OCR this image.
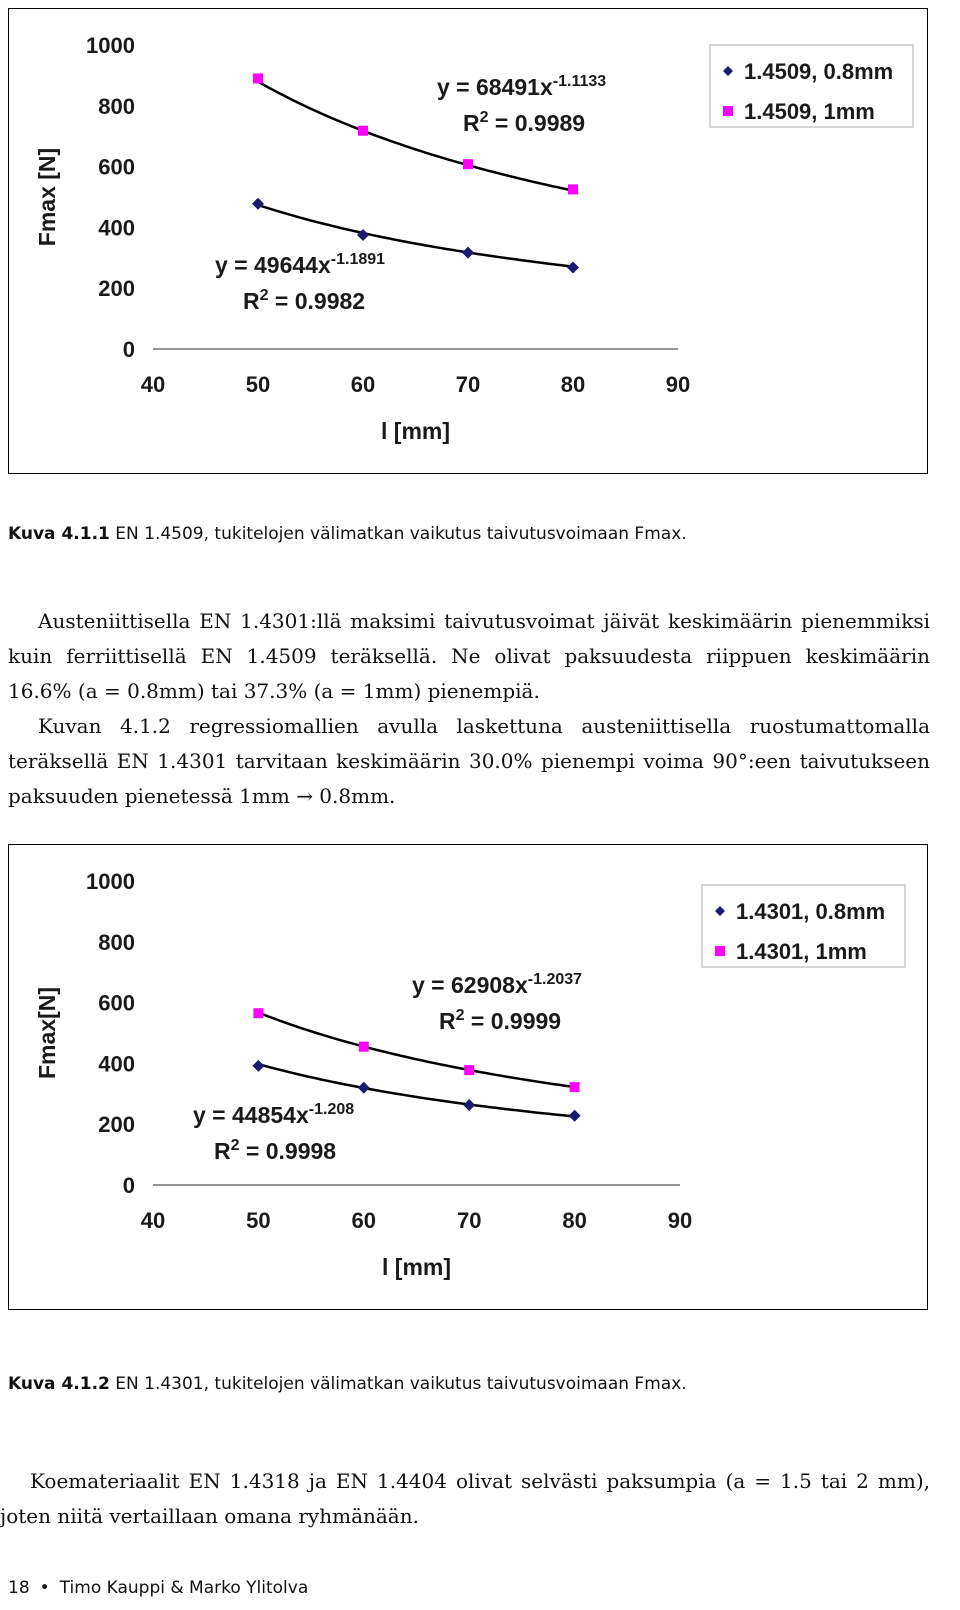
0
200
400
600
800
1000
40	50	60	70	80	90
l [mm]
Fmax [N]
$y = 68491x^{-1.1133}$
$R^2 = 0.9989$
$y = 49644x^{-1.1891}$
$R^2 = 0.9982$
1.4509, 0.8mm
1.4509, 1mm
Kuva 4.1.1 EN 1.4509, tukitelojen välimatkan vaikutus taivutusvoimaan Fmax.

Austeniittisella EN 1.4301:llä maksimi taivutusvoimat jäivät keskimäärin pienemmiksi kuin ferriittisellä EN 1.4509 teräksellä. Ne olivat paksuudesta riippuen keskimäärin 16.6% (a = 0.8mm) tai 37.3% (a = 1mm) pienempiä.

Kuvan 4.1.2 regressiomallien avulla laskettuna austeniittisella ruostumattomalla teräksellä EN 1.4301 tarvitaan keskimäärin 30.0% pienempi voima 90°:een taivutukseen paksuuden pienetessä 1mm → 0.8mm.

0
200
400
600
800
1000
40	50	60	70	80	90
l [mm]
Fmax[N]
$y = 62908x^{-1.2037}$
$R^2 = 0.9999$
$y = 44854x^{-1.208}$
$R^2 = 0.9998$
1.4301, 0.8mm
1.4301, 1mm
Kuva 4.1.2 EN 1.4301, tukitelojen välimatkan vaikutus taivutusvoimaan Fmax.

Koemateriaalit EN 1.4318 ja EN 1.4404 olivat selvästi paksumpia (a = 1.5 tai 2 mm), joten niitä vertaillaan omana ryhmänään.

18 • Timo Kauppi & Marko Ylitolva
